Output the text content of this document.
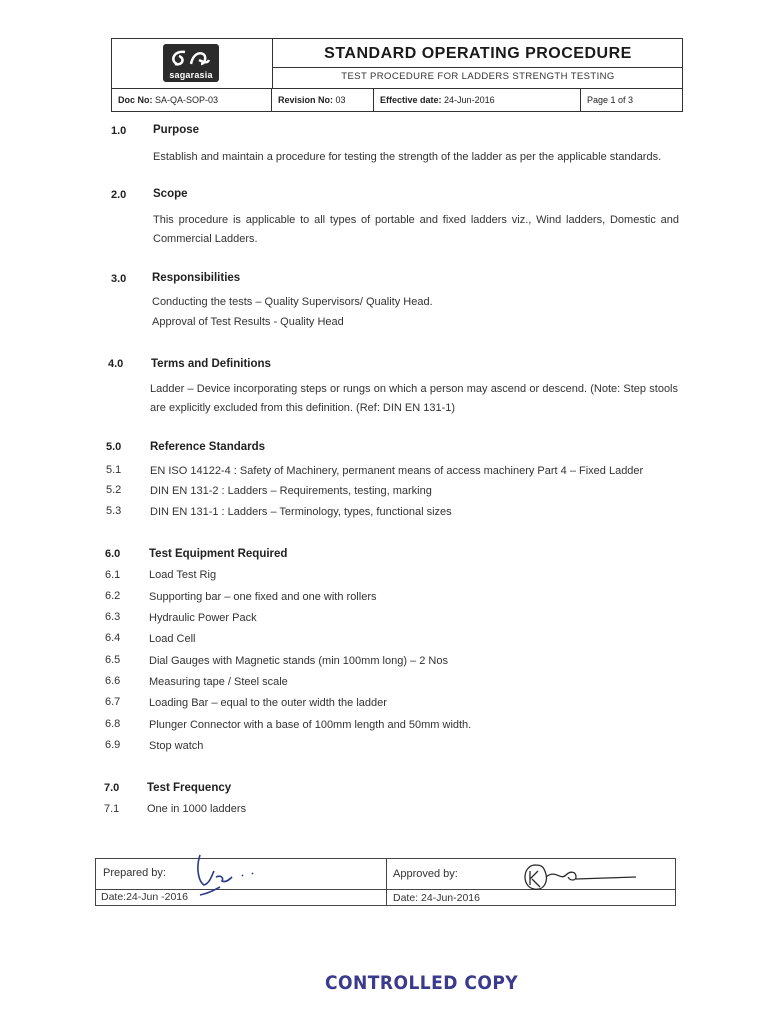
sagarasia
STANDARD OPERATING PROCEDURE
TEST PROCEDURE FOR LADDERS STRENGTH TESTING
Doc No: SA-QA-SOP-03	Revision No: 03	Effective date: 24-Jun-2016	Page 1 of 3
1.0 Purpose
Establish and maintain a procedure for testing the strength of the ladder as per the applicable standards.
2.0 Scope
This procedure is applicable to all types of portable and fixed ladders viz., Wind ladders, Domestic and Commercial Ladders.
3.0 Responsibilities
Conducting the tests – Quality Supervisors/ Quality Head.
Approval of Test Results - Quality Head
4.0 Terms and Definitions
Ladder – Device incorporating steps or rungs on which a person may ascend or descend. (Note: Step stools are explicitly excluded from this definition. (Ref: DIN EN 131-1)
5.0 Reference Standards
5.1	EN ISO 14122-4 : Safety of Machinery, permanent means of access machinery Part 4 – Fixed Ladder
5.2	DIN EN 131-2 : Ladders – Requirements, testing, marking
5.3	DIN EN 131-1 : Ladders – Terminology, types, functional sizes
6.0 Test Equipment Required
6.1	Load Test Rig
6.2	Supporting bar – one fixed and one with rollers
6.3	Hydraulic Power Pack
6.4	Load Cell
6.5	Dial Gauges with Magnetic stands (min 100mm long) – 2 Nos
6.6	Measuring tape / Steel scale
6.7	Loading Bar – equal to the outer width the ladder
6.8	Plunger Connector with a base of 100mm length and 50mm width.
6.9	Stop watch
7.0 Test Frequency
7.1	One in 1000 ladders
Prepared by:	Approved by:
Date:24-Jun -2016	Date: 24-Jun-2016
CONTROLLED COPY
